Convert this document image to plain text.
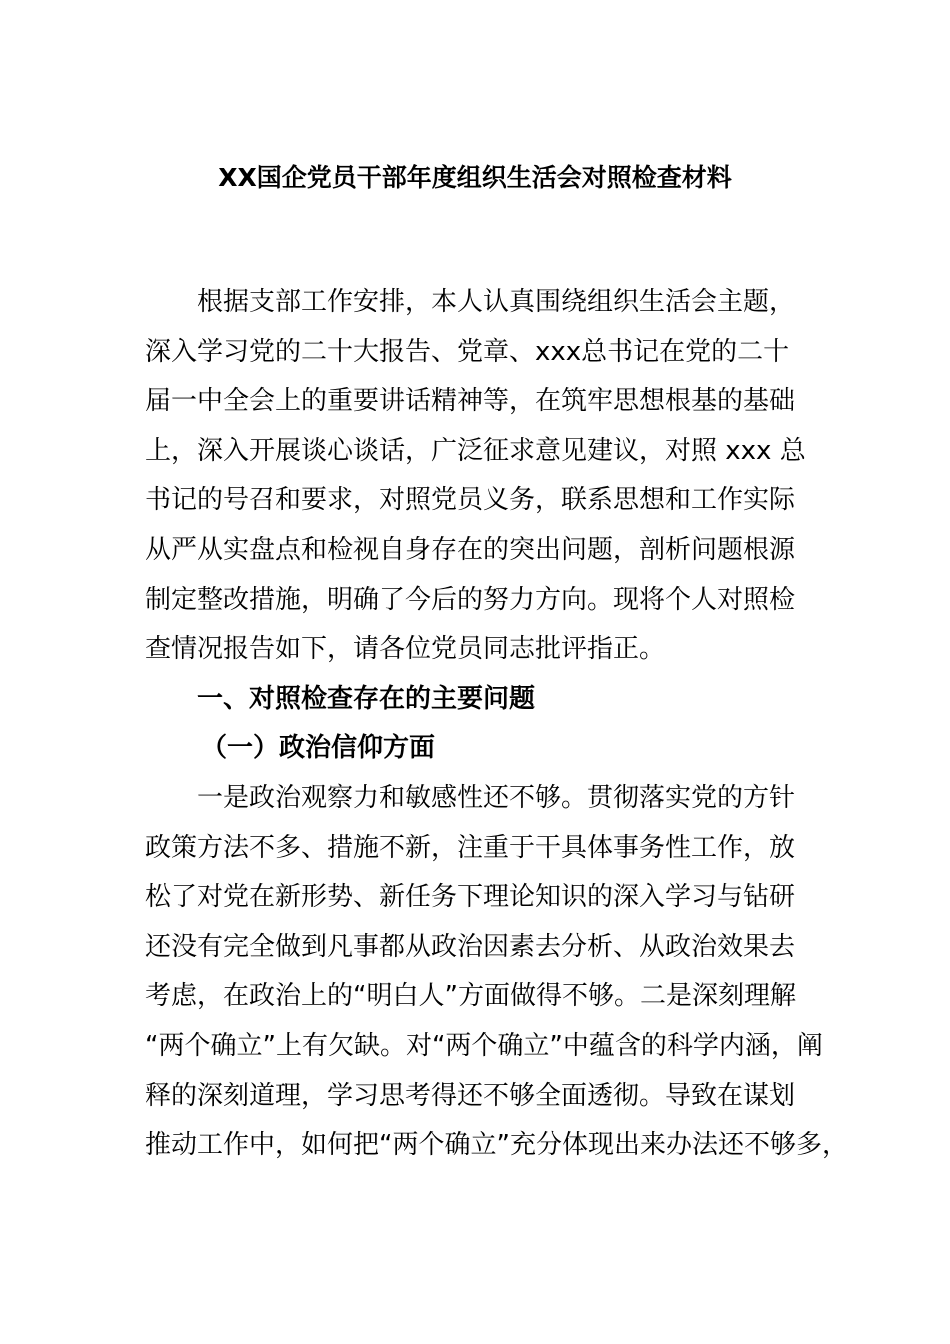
XX国企党员干部年度组织生活会对照检查材料
根据支部工作安排，本人认真围绕组织生活会主题，
深入学习党的二十大报告、党章、xxx总书记在党的二十
届一中全会上的重要讲话精神等，在筑牢思想根基的基础
上，深入开展谈心谈话，广泛征求意见建议，对照 xxx 总
书记的号召和要求，对照党员义务，联系思想和工作实际
从严从实盘点和检视自身存在的突出问题，剖析问题根源
制定整改措施，明确了今后的努力方向。现将个人对照检
查情况报告如下，请各位党员同志批评指正。
一、对照检查存在的主要问题
（一）政治信仰方面
一是政治观察力和敏感性还不够。贯彻落实党的方针
政策方法不多、措施不新，注重于干具体事务性工作，放
松了对党在新形势、新任务下理论知识的深入学习与钻研
还没有完全做到凡事都从政治因素去分析、从政治效果去
考虑，在政治上的“明白人”方面做得不够。二是深刻理解
“两个确立”上有欠缺。对“两个确立”中蕴含的科学内涵，阐
释的深刻道理，学习思考得还不够全面透彻。导致在谋划
推动工作中，如何把“两个确立”充分体现出来办法还不够多，
